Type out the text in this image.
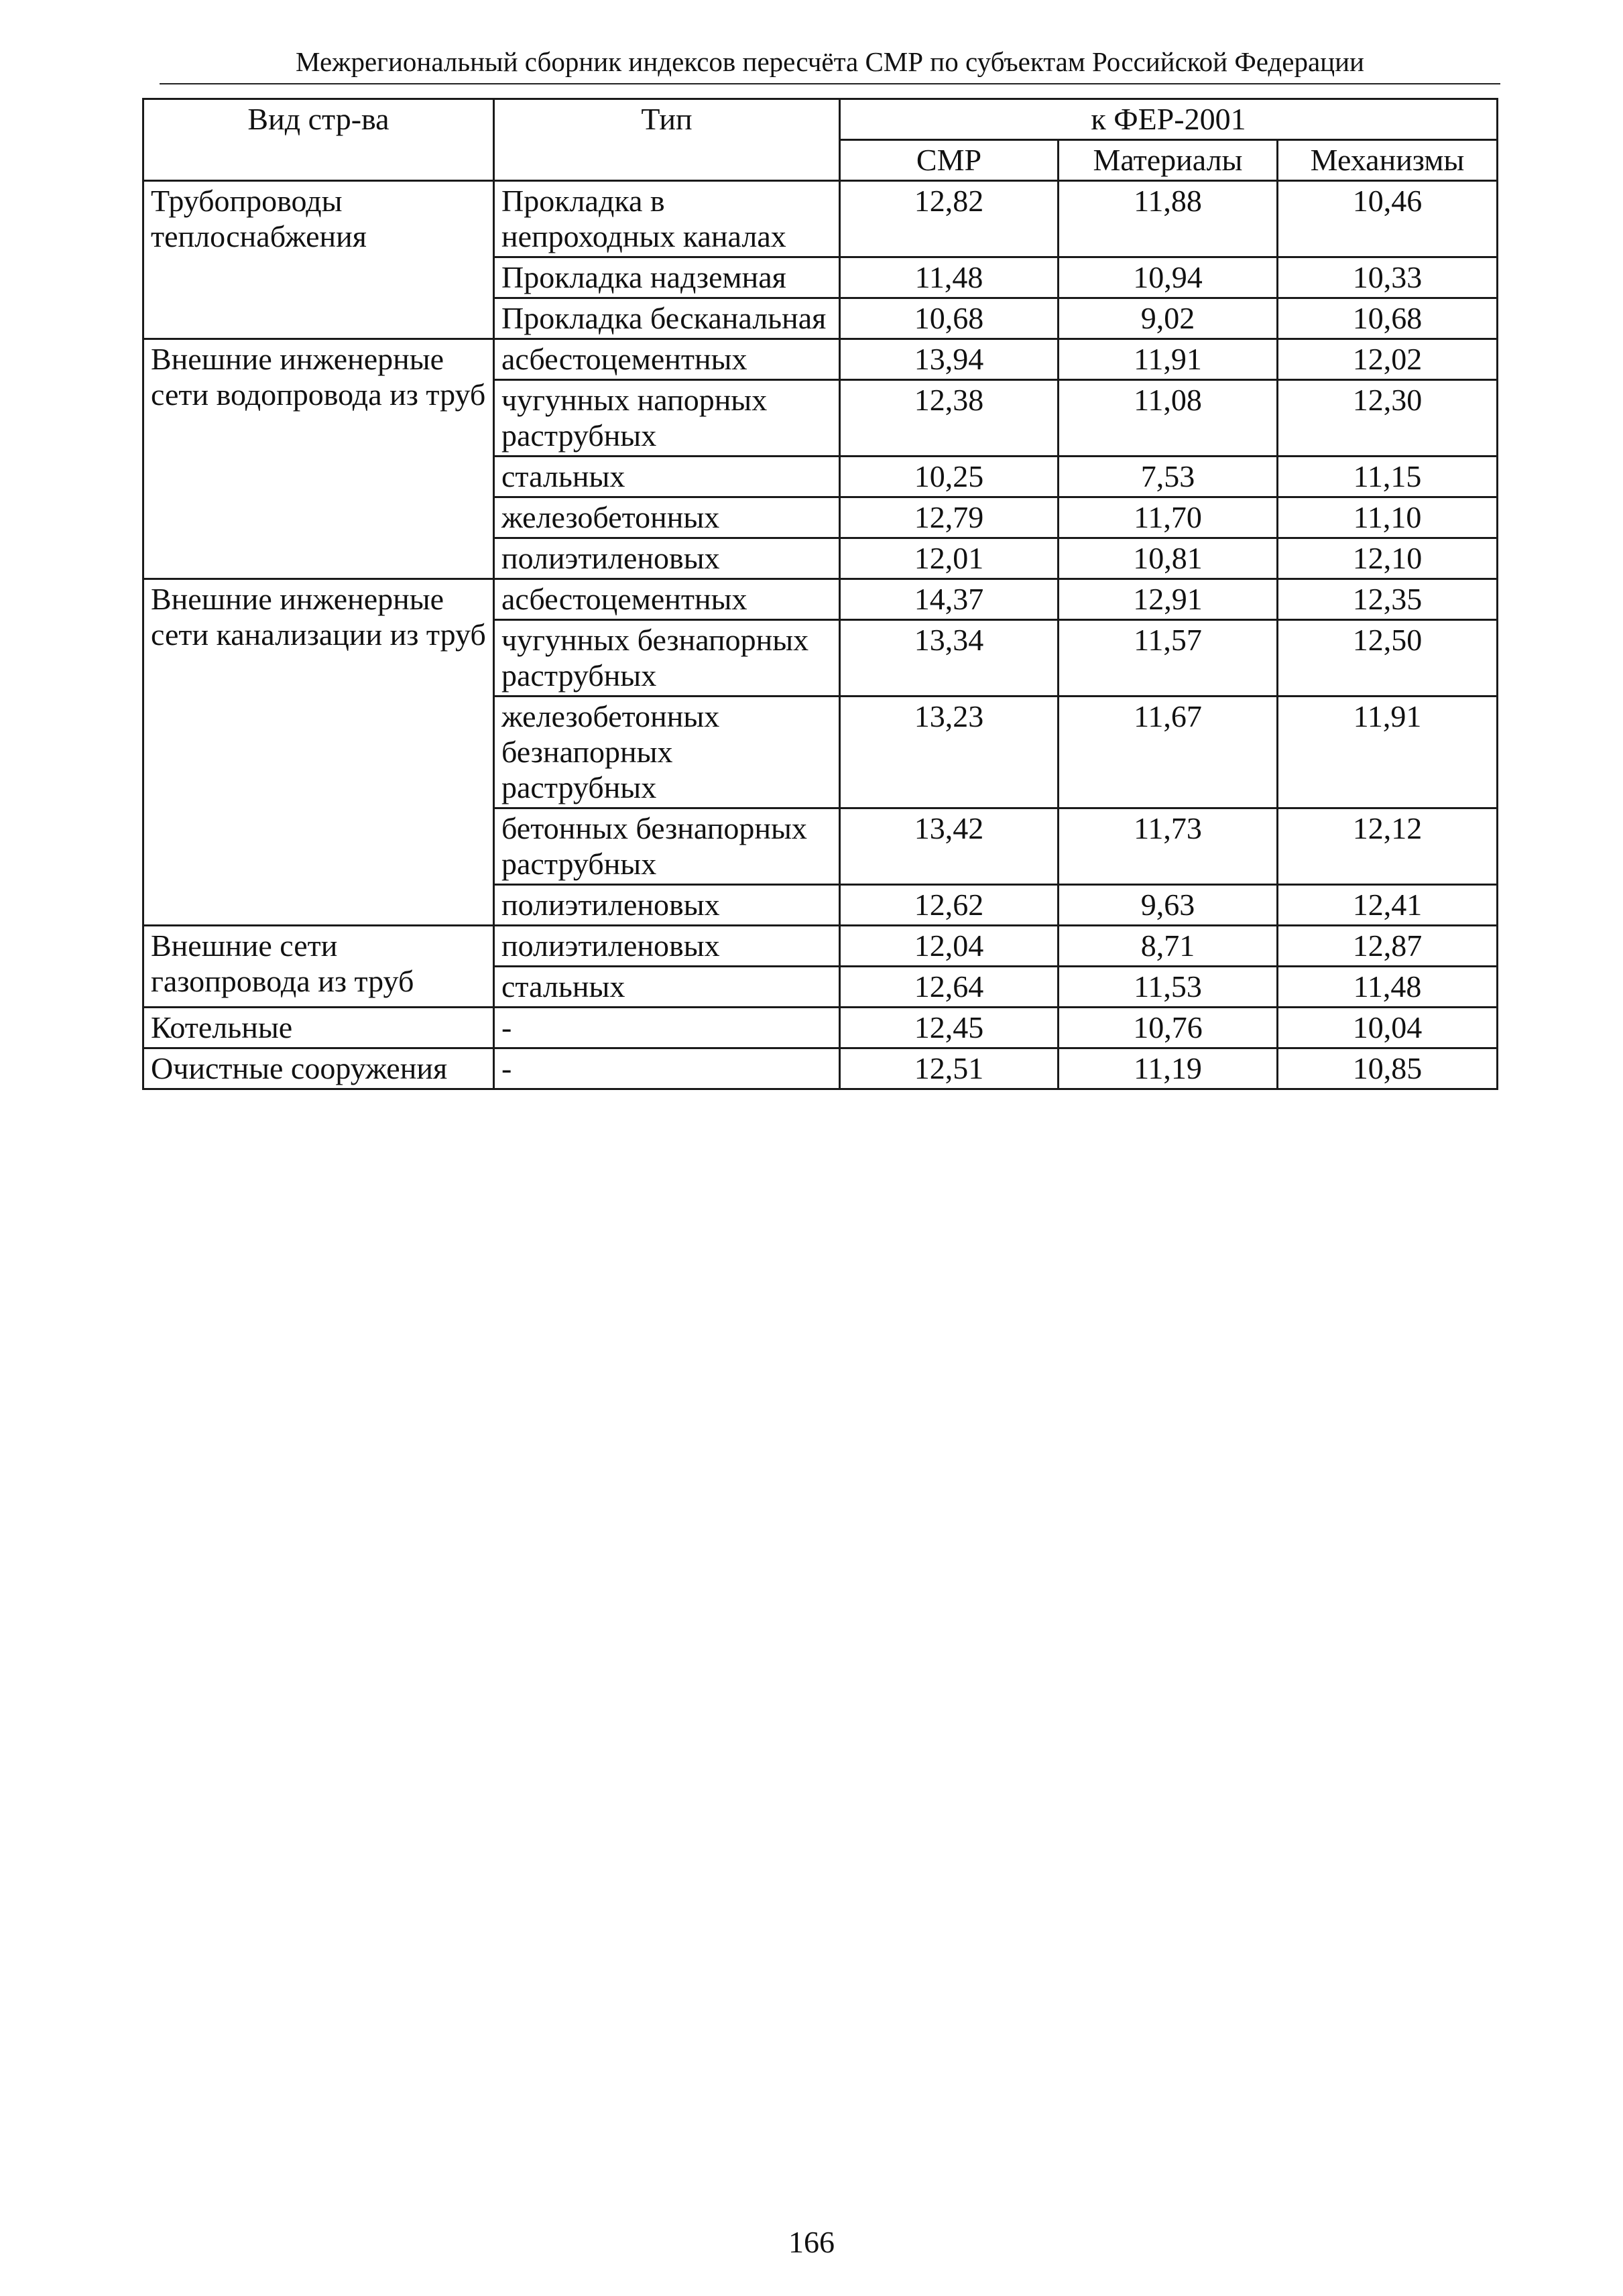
Межрегиональный сборник индексов пересчёта СМР по субъектам Российской Федерации
Вид стр-ва	Тип	к ФЕР-2001		
		СМР	Материалы	Механизмы
Трубопроводы теплоснабжения	Прокладка в непроходных каналах	12,82	11,88	10,46
	Прокладка надземная	11,48	10,94	10,33
	Прокладка бесканальная	10,68	9,02	10,68
Внешние инженерные сети водопровода из труб	асбестоцементных	13,94	11,91	12,02
	чугунных напорных раструбных	12,38	11,08	12,30
	стальных	10,25	7,53	11,15
	железобетонных	12,79	11,70	11,10
	полиэтиленовых	12,01	10,81	12,10
Внешние инженерные сети канализации из труб	асбестоцементных	14,37	12,91	12,35
	чугунных безнапорных раструбных	13,34	11,57	12,50
	железобетонных безнапорных раструбных	13,23	11,67	11,91
	бетонных безнапорных раструбных	13,42	11,73	12,12
	полиэтиленовых	12,62	9,63	12,41
Внешние сети газопровода из труб	полиэтиленовых	12,04	8,71	12,87
	стальных	12,64	11,53	11,48
Котельные	-	12,45	10,76	10,04
Очистные сооружения	-	12,51	11,19	10,85
166
